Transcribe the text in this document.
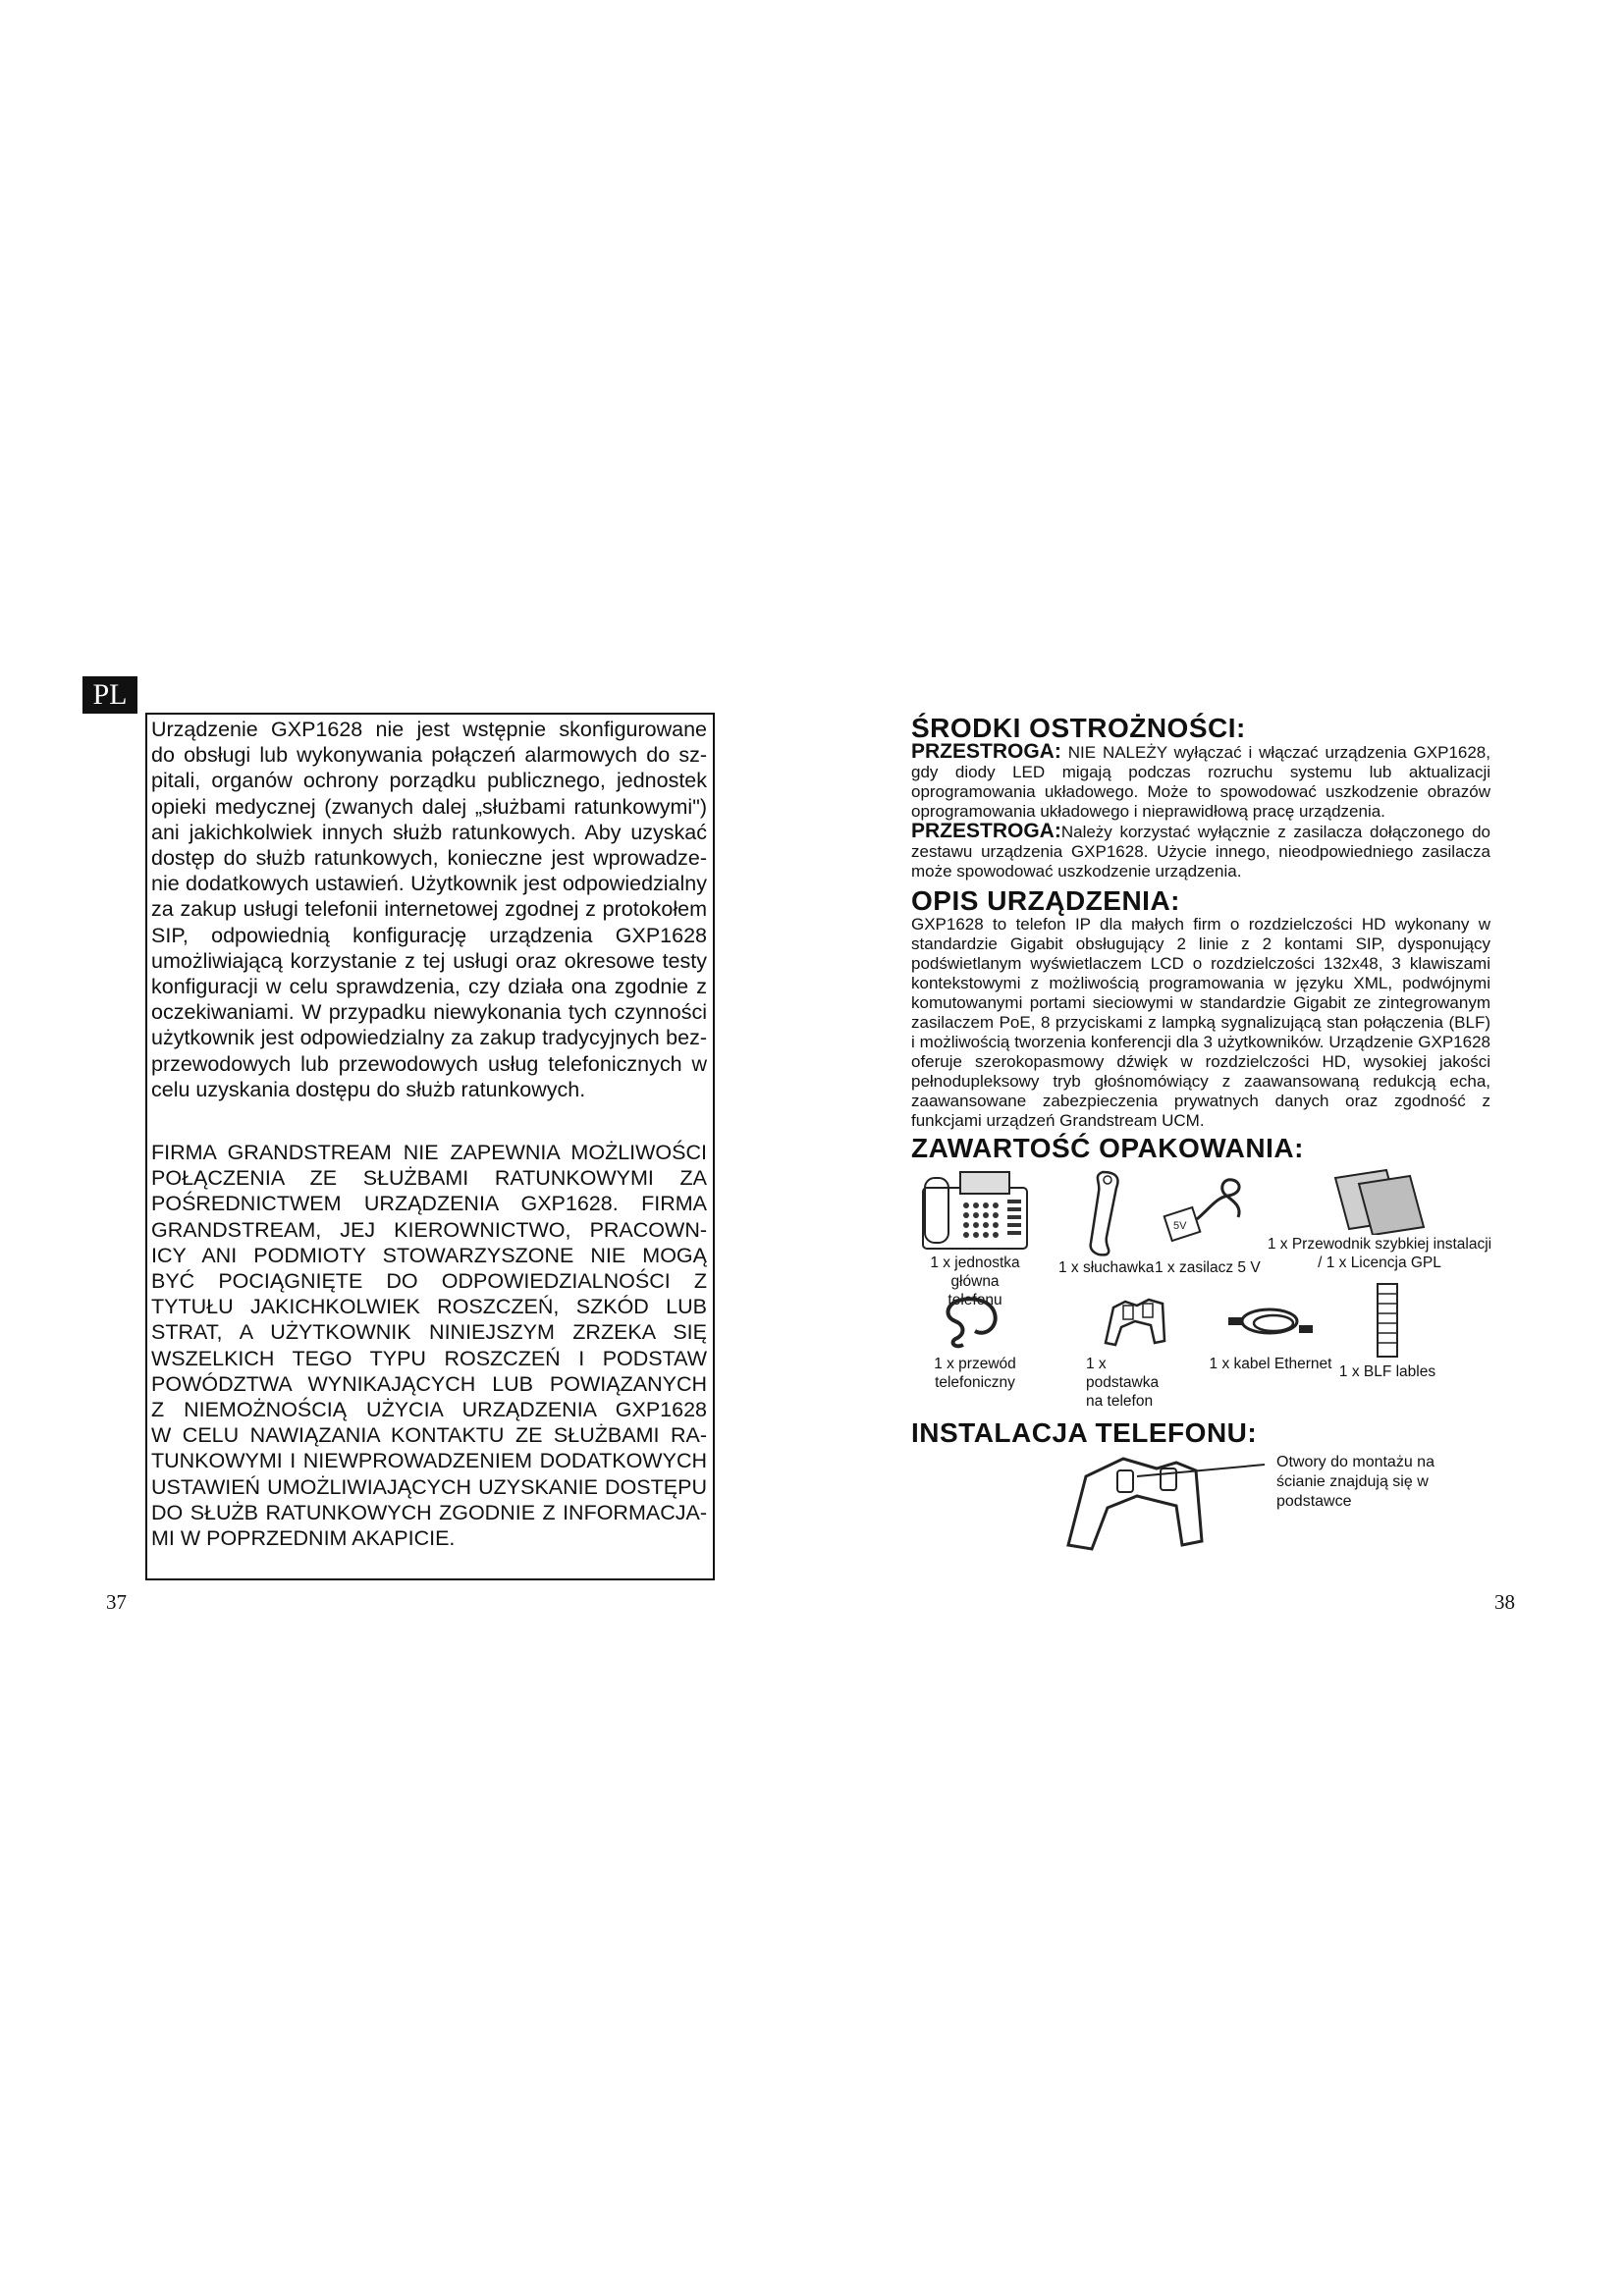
PL

Urządzenie GXP1628 nie jest wstępnie skonfigurowane
do obsługi lub wykonywania połączeń alarmowych do sz-
pitali, organów ochrony porządku publicznego, jednostek
opieki medycznej (zwanych dalej „służbami ratunkowymi")
ani jakichkolwiek innych służb ratunkowych. Aby uzyskać
dostęp do służb ratunkowych, konieczne jest wprowadze-
nie dodatkowych ustawień. Użytkownik jest odpowiedzialny
za zakup usługi telefonii internetowej zgodnej z protokołem
SIP, odpowiednią konfigurację urządzenia GXP1628
umożliwiającą korzystanie z tej usługi oraz okresowe testy
konfiguracji w celu sprawdzenia, czy działa ona zgodnie z
oczekiwaniami. W przypadku niewykonania tych czynności
użytkownik jest odpowiedzialny za zakup tradycyjnych bez-
przewodowych lub przewodowych usług telefonicznych w
celu uzyskania dostępu do służb ratunkowych.

FIRMA GRANDSTREAM NIE ZAPEWNIA MOŻLIWOŚCI
POŁĄCZENIA ZE SŁUŻBAMI RATUNKOWYMI ZA
POŚREDNICTWEM URZĄDZENIA GXP1628. FIRMA
GRANDSTREAM, JEJ KIEROWNICTWO, PRACOWN-
ICY ANI PODMIOTY STOWARZYSZONE NIE MOGĄ
BYĆ POCIĄGNIĘTE DO ODPOWIEDZIALNOŚCI Z
TYTUŁU JAKICHKOLWIEK ROSZCZEŃ, SZKÓD LUB
STRAT, A UŻYTKOWNIK NINIEJSZYM ZRZEKA SIĘ
WSZELKICH TEGO TYPU ROSZCZEŃ I PODSTAW
POWÓDZTWA WYNIKAJĄCYCH LUB POWIĄZANYCH
Z NIEMOŻNOŚCIĄ UŻYCIA URZĄDZENIA GXP1628
W CELU NAWIĄZANIA KONTAKTU ZE SŁUŻBAMI RA-
TUNKOWYMI I NIEWPROWADZENIEM DODATKOWYCH
USTAWIEŃ UMOŻLIWIAJĄCYCH UZYSKANIE DOSTĘPU
DO SŁUŻB RATUNKOWYCH ZGODNIE Z INFORMACJA-
MI W POPRZEDNIM AKAPICIE.

37	38
ŚRODKI OSTROŻNOŚCI:

PRZESTROGA: NIE NALEŻY wyłączać i włączać urządzenia GXP1628, gdy diody LED migają podczas rozruchu systemu lub aktualizacji oprogramowania układowego. Może to spowodować uszkodzenie obrazów oprogramowania układowego i nieprawidłową pracę urządzenia.

PRZESTROGA:Należy korzystać wyłącznie z zasilacza dołączonego do zestawu urządzenia GXP1628. Użycie innego, nieodpowiedniego zasilacza może spowodować uszkodzenie urządzenia.

OPIS URZĄDZENIA:

GXP1628 to telefon IP dla małych firm o rozdzielczości HD wykonany w standardzie Gigabit obsługujący 2 linie z 2 kontami SIP, dysponujący podświetlanym wyświetlaczem LCD o rozdzielczości 132x48, 3 klawiszami kontekstowymi z możliwością programowania w języku XML, podwójnymi komutowanymi portami sieciowymi w standardzie Gigabit ze zintegrowanym zasilaczem PoE, 8 przyciskami z lampką sygnalizującą stan połączenia (BLF) i możliwością tworzenia konferencji dla 3 użytkowników. Urządzenie GXP1628 oferuje szerokopasmowy dźwięk w rozdzielczości HD, wysokiej jakości pełnodupleksowy tryb głośnomówiący z zaawansowaną redukcją echa, zaawansowane zabezpieczenia prywatnych danych oraz zgodność z funkcjami urządzeń Grandstream UCM.

ZAWARTOŚĆ OPAKOWANIA:
1 x jednostka główna telefonu
1 x słuchawka
5V
1 x zasilacz 5 V
1 x Przewodnik szybkiej instalacji / 1 x Licencja GPL
1 x przewód telefoniczny
1 x podstawka na telefon
1 x kabel Ethernet 1 x BLF lables
INSTALACJA TELEFONU:
Otwory do montażu na ścianie znajdują się w podstawce
